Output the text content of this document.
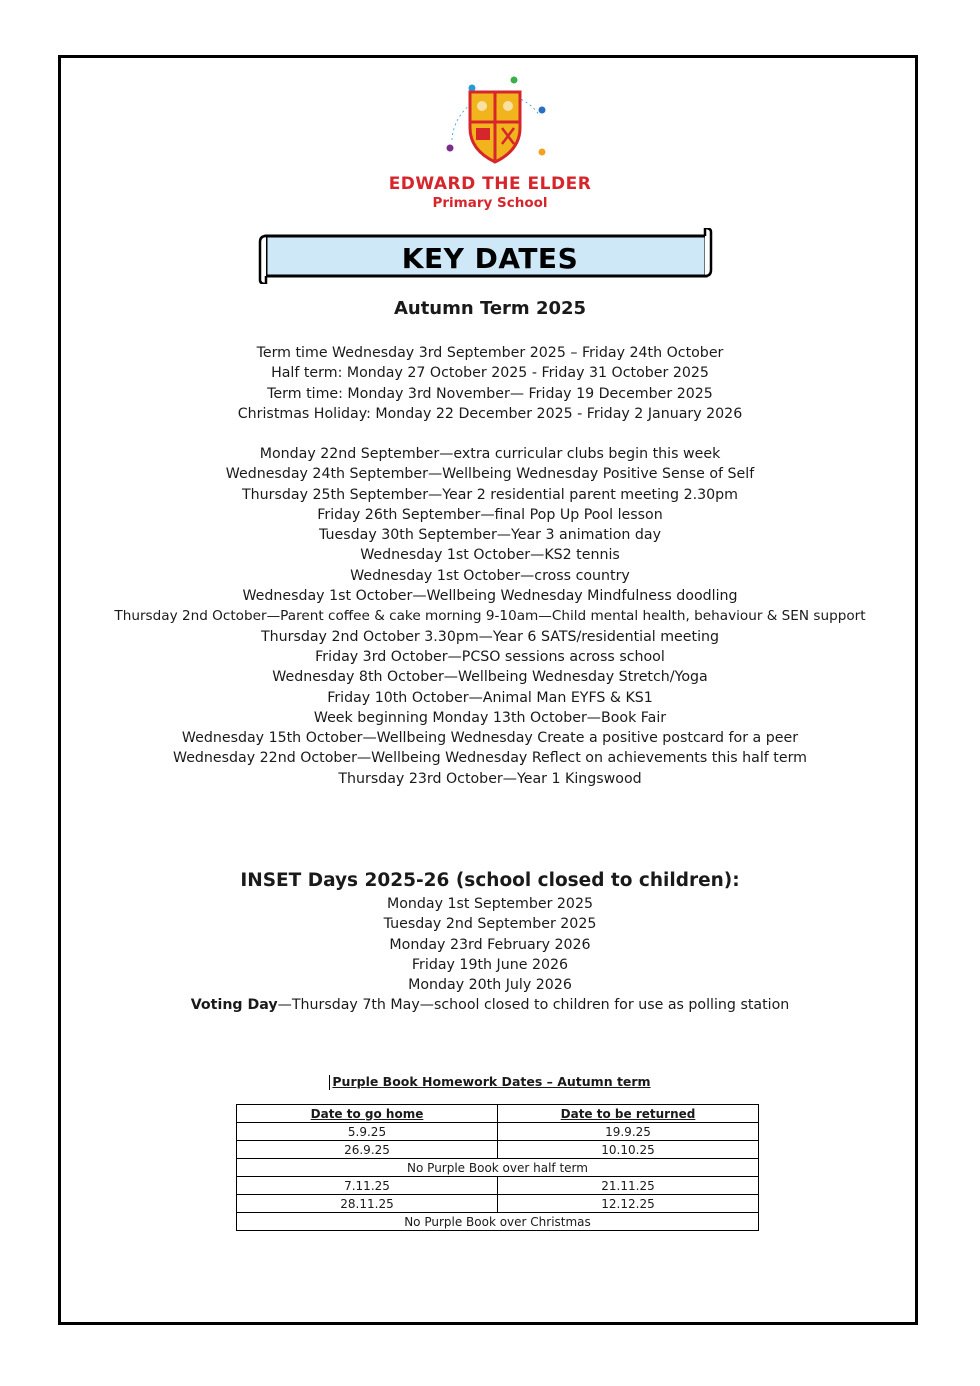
EDWARD THE ELDER
Primary School
KEY DATES
Autumn Term 2025
Term time Wednesday 3rd September 2025 – Friday 24th October
Half term: Monday 27 October 2025 - Friday 31 October 2025
Term time: Monday 3rd November— Friday 19 December 2025
Christmas Holiday: Monday 22 December 2025 - Friday 2 January 2026
Monday 22nd September—extra curricular clubs begin this week
Wednesday 24th September—Wellbeing Wednesday Positive Sense of Self
Thursday 25th September—Year 2 residential parent meeting 2.30pm
Friday 26th September—final Pop Up Pool lesson
Tuesday 30th September—Year 3 animation day
Wednesday 1st October—KS2 tennis
Wednesday 1st October—cross country
Wednesday 1st October—Wellbeing Wednesday Mindfulness doodling
Thursday 2nd October—Parent coffee & cake morning 9-10am—Child mental health, behaviour & SEN support
Thursday 2nd October 3.30pm—Year 6 SATS/residential meeting
Friday 3rd October—PCSO sessions across school
Wednesday 8th October—Wellbeing Wednesday Stretch/Yoga
Friday 10th October—Animal Man EYFS & KS1
Week beginning Monday 13th October—Book Fair
Wednesday 15th October—Wellbeing Wednesday Create a positive postcard for a peer
Wednesday 22nd October—Wellbeing Wednesday Reflect on achievements this half term
Thursday 23rd October—Year 1 Kingswood
INSET Days 2025-26 (school closed to children):
Monday 1st September 2025
Tuesday 2nd September 2025
Monday 23rd February 2026
Friday 19th June 2026
Monday 20th July 2026
Voting Day—Thursday 7th May—school closed to children for use as polling station
Purple Book Homework Dates – Autumn term
Date to go home	Date to be returned
5.9.25	19.9.25
26.9.25	10.10.25
No Purple Book over half term	
7.11.25	21.11.25
28.11.25	12.12.25
No Purple Book over Christmas	
